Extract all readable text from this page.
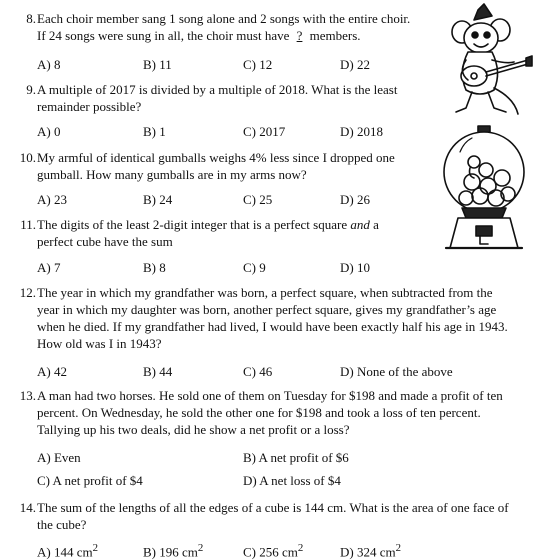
8. Each choir member sang 1 song alone and 2 songs with the entire choir.
If 24 songs were sung in all, the choir must have ? members.
A) 8	B) 11	C) 12	D) 22
9. A multiple of 2017 is divided by a multiple of 2018. What is the least
remainder possible?
A) 0	B) 1	C) 2017	D) 2018
10. My armful of identical gumballs weighs 4% less since I dropped one
gumball. How many gumballs are in my arms now?
A) 23	B) 24	C) 25	D) 26
11. The digits of the least 2-digit integer that is a perfect square and a
perfect cube have the sum
A) 7	B) 8	C) 9	D) 10
12. The year in which my grandfather was born, a perfect square, when subtracted from the
year in which my daughter was born, another perfect square, gives my grandfather’s age
when he died. If my grandfather had lived, I would have been exactly half his age in 1943.
How old was I in 1943?
A) 42	B) 44	C) 46	D) None of the above
13. A man had two horses. He sold one of them on Tuesday for $198 and made a profit of ten
percent. On Wednesday, he sold the other one for $198 and took a loss of ten percent.
Tallying up his two deals, did he show a net profit or a loss?
A) Even	B) A net profit of $6
C) A net profit of $4	D) A net loss of $4
14. The sum of the lengths of all the edges of a cube is 144 cm. What is the area of one face of
the cube?
A) 144 $cm^2$	B) 196 $cm^2$	C) 256 $cm^2$	D) 324 $cm^2$
